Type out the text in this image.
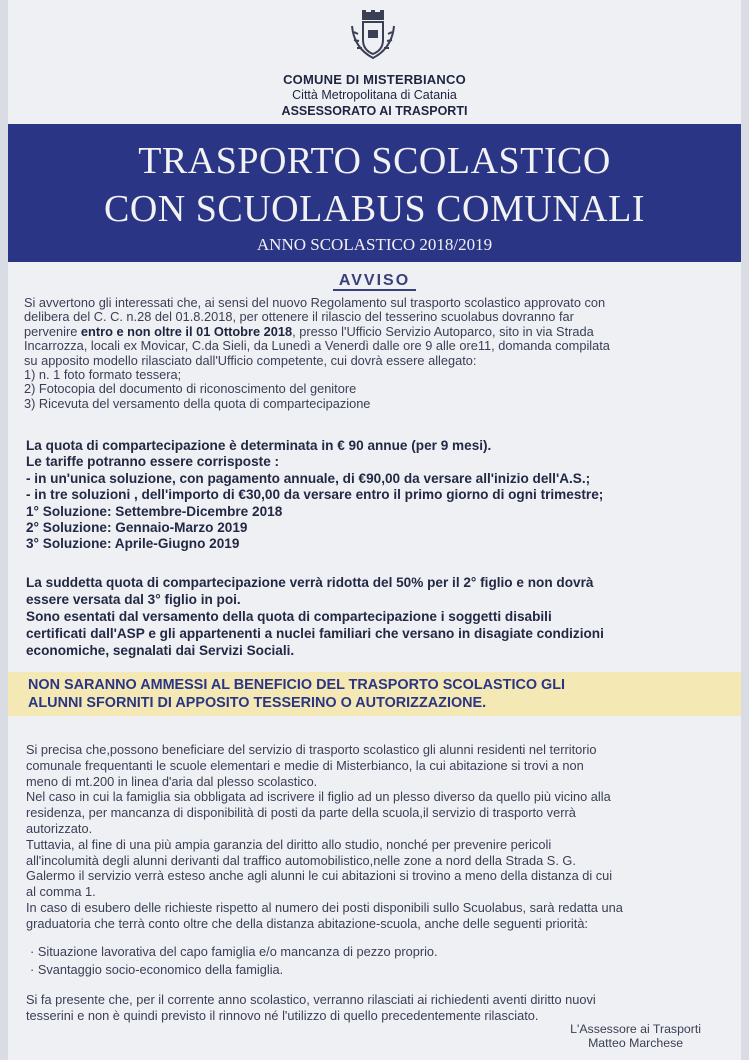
COMUNE DI MISTERBIANCO
Città Metropolitana di Catania
ASSESSORATO AI TRASPORTI
TRASPORTO SCOLASTICO
CON SCUOLABUS COMUNALI
ANNO SCOLASTICO 2018/2019
AVVISO
Si avvertono gli interessati che, ai sensi del nuovo Regolamento sul trasporto scolastico approvato con
delibera del C. C. n.28 del 01.8.2018, per ottenere il rilascio del tesserino scuolabus dovranno far
pervenire entro e non oltre il 01 Ottobre 2018, presso l'Ufficio Servizio Autoparco, sito in via Strada
Incarrozza, locali ex Movicar, C.da Sieli, da Lunedì a Venerdì dalle ore 9 alle ore11, domanda compilata
su apposito modello rilasciato dall'Ufficio competente, cui dovrà essere allegato:
1) n. 1 foto formato tessera;
2) Fotocopia del documento di riconoscimento del genitore
3) Ricevuta del versamento della quota di compartecipazione
La quota di compartecipazione è determinata in € 90 annue (per 9 mesi).
Le tariffe potranno essere corrisposte :
- in un'unica soluzione, con pagamento annuale, di €90,00 da versare all'inizio dell'A.S.;
- in tre soluzioni , dell'importo di €30,00 da versare entro il primo giorno di ogni trimestre;
1° Soluzione: Settembre-Dicembre 2018
2° Soluzione: Gennaio-Marzo 2019
3° Soluzione: Aprile-Giugno 2019
La suddetta quota di compartecipazione verrà ridotta del 50% per il 2° figlio e non dovrà
essere versata dal 3° figlio in poi.
Sono esentati dal versamento della quota di compartecipazione i soggetti disabili
certificati dall'ASP e gli appartenenti a nuclei familiari che versano in disagiate condizioni
economiche, segnalati dai Servizi Sociali.
NON SARANNO AMMESSI AL BENEFICIO DEL TRASPORTO SCOLASTICO GLI
ALUNNI SFORNITI DI APPOSITO TESSERINO O AUTORIZZAZIONE.
Si precisa che,possono beneficiare del servizio di trasporto scolastico gli alunni residenti nel territorio
comunale frequentanti le scuole elementari e medie di Misterbianco, la cui abitazione si trovi a non
meno di mt.200 in linea d'aria dal plesso scolastico.
Nel caso in cui la famiglia sia obbligata ad iscrivere il figlio ad un plesso diverso da quello più vicino alla
residenza, per mancanza di disponibilità di posti da parte della scuola,il servizio di trasporto verrà
autorizzato.
Tuttavia, al fine di una più ampia garanzia del diritto allo studio, nonché per prevenire pericoli
all'incolumità degli alunni derivanti dal traffico automobilistico,nelle zone a nord della Strada S. G.
Galermo il servizio verrà esteso anche agli alunni le cui abitazioni si trovino a meno della distanza di cui
al comma 1.
In caso di esubero delle richieste rispetto al numero dei posti disponibili sullo Scuolabus, sarà redatta una
graduatoria che terrà conto oltre che della distanza abitazione-scuola, anche delle seguenti priorità:
· Situazione lavorativa del capo famiglia e/o mancanza di pezzo proprio.
· Svantaggio socio-economico della famiglia.
Si fa presente che, per il corrente anno scolastico, verranno rilasciati ai richiedenti aventi diritto nuovi
tesserini e non è quindi previsto il rinnovo né l'utilizzo di quello precedentemente rilasciato.
L'Assessore ai Trasporti
Matteo Marchese
